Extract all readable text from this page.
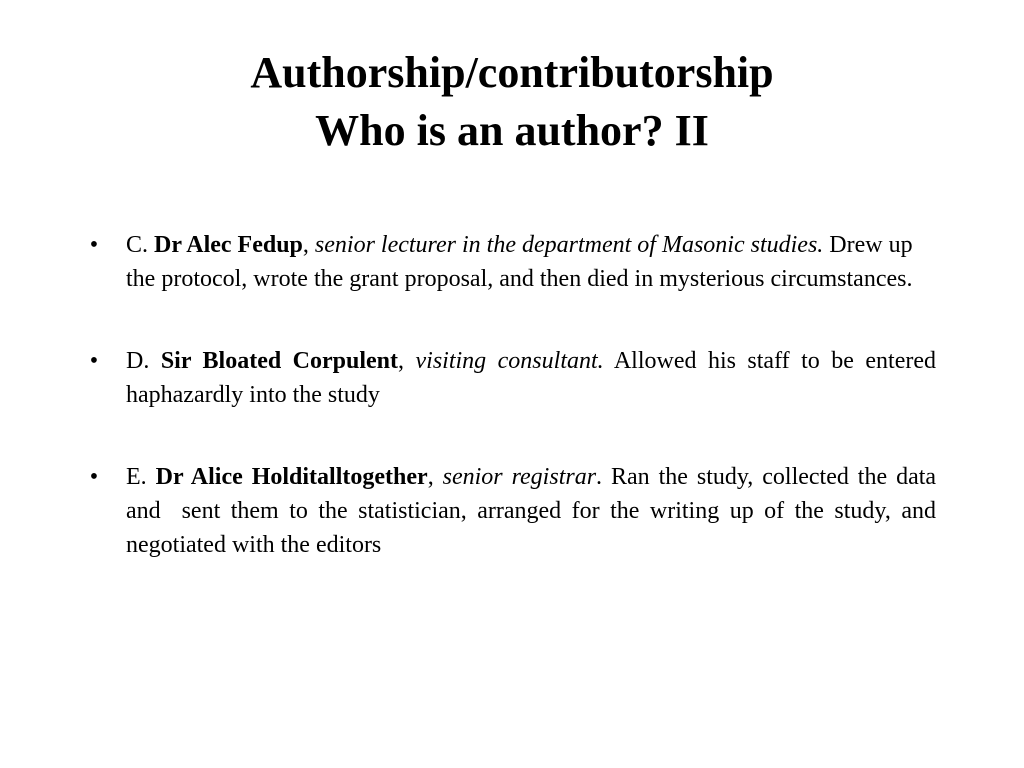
Authorship/contributorship
Who is an author? II
• C. Dr Alec Fedup, senior lecturer in the department of Masonic studies. Drew up the protocol, wrote the grant proposal, and then died in mysterious circumstances.
• D. Sir Bloated Corpulent, visiting consultant. Allowed his staff to be entered haphazardly into the study
• E. Dr Alice Holditalltogether, senior registrar. Ran the study, collected the data and  sent them to the statistician, arranged for the writing up of the study, and negotiated with the editors
